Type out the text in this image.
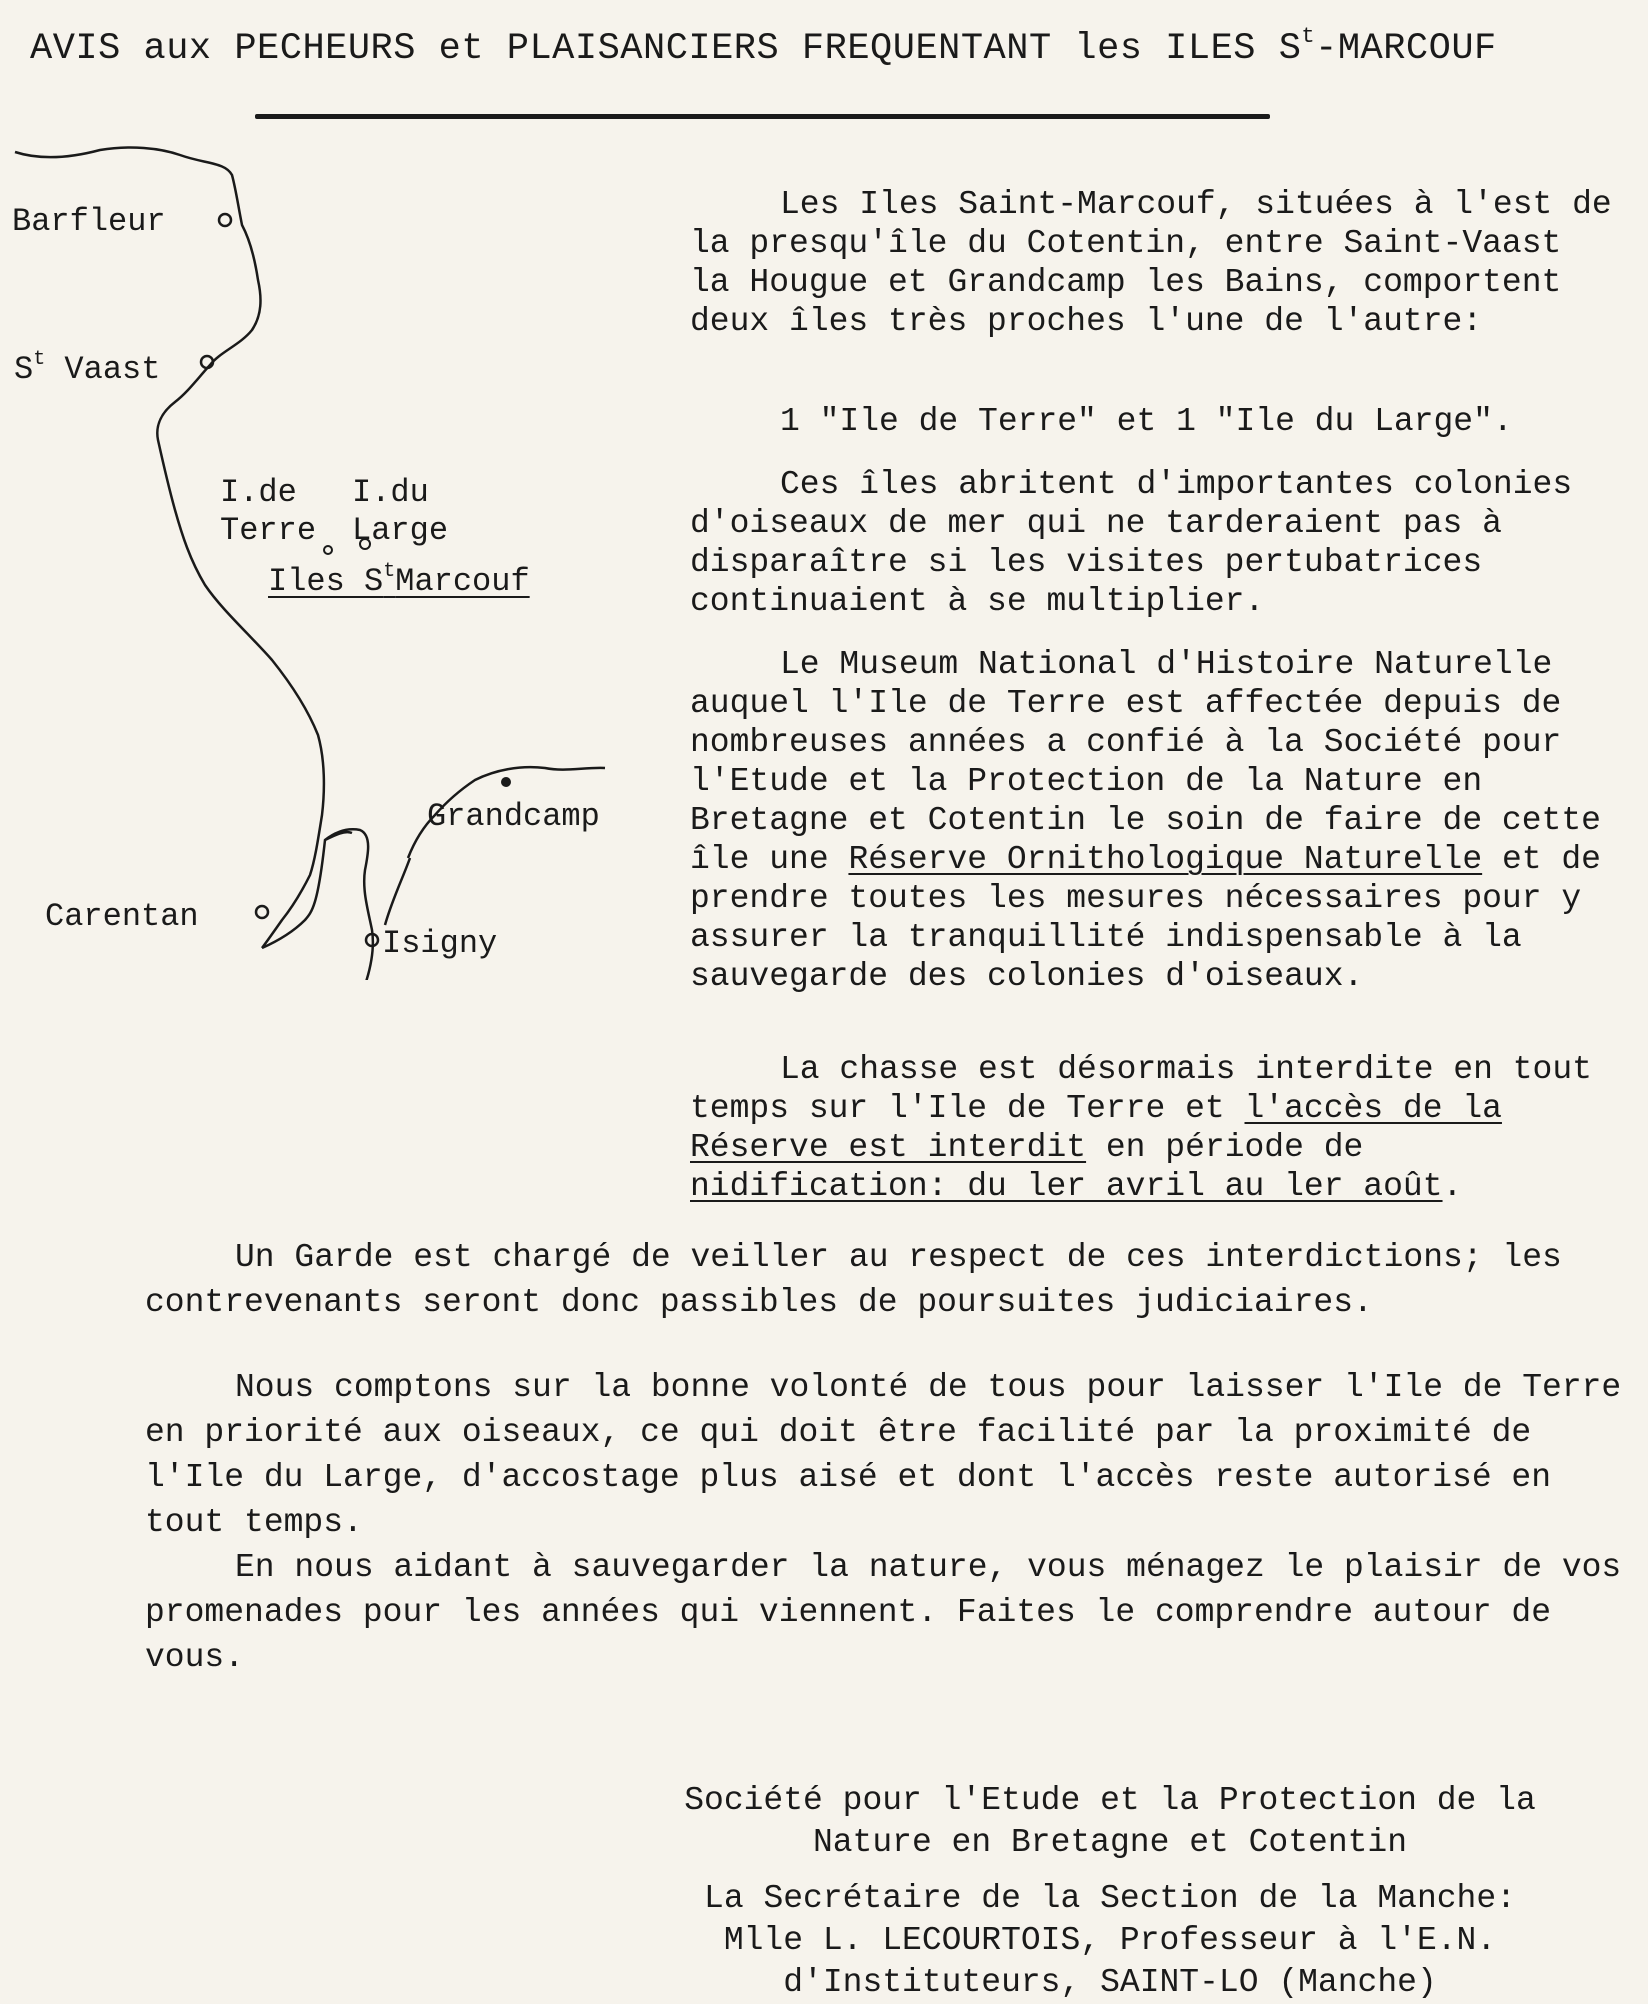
AVIS aux PECHEURS et PLAISANCIERS FREQUENTANT les ILES $S^t$-MARCOUF
Barfleur
$S^t$ Vaast
I.de
Terre
I.du
Large
Iles $S^tMarcouf$
Grandcamp
Carentan
Isigny

Les Iles Saint-Marcouf, situées à l'est de la presqu'île du Cotentin, entre Saint-Vaast la Hougue et Grandcamp les Bains, comportent deux îles très proches l'une de l'autre:

1 "Ile de Terre" et 1 "Ile du Large".

Ces îles abritent d'importantes colonies d'oiseaux de mer qui ne tarderaient pas à disparaître si les visites pertubatrices continuaient à se multiplier.

Le Museum National d'Histoire Naturelle auquel l'Ile de Terre est affectée depuis de nombreuses années a confié à la Société pour l'Etude et la Protection de la Nature en Bretagne et Cotentin le soin de faire de cette île une Réserve Ornithologique Naturelle et de prendre toutes les mesures nécessaires pour y assurer la tranquillité indispensable à la sauvegarde des colonies d'oiseaux.

La chasse est désormais interdite en tout temps sur l'Ile de Terre et l'accès de la Réserve est interdit en période de nidification: du ler avril au ler août.

Un Garde est chargé de veiller au respect de ces interdictions; les contrevenants seront donc passibles de poursuites judiciaires.

Nous comptons sur la bonne volonté de tous pour laisser l'Ile de Terre en priorité aux oiseaux, ce qui doit être facilité par la proximité de l'Ile du Large, d'accostage plus aisé et dont l'accès reste autorisé en tout temps.

En nous aidant à sauvegarder la nature, vous ménagez le plaisir de vos promenades pour les années qui viennent. Faites le comprendre autour de vous.

Société pour l'Etude et la Protection de la

Nature en Bretagne et Cotentin

La Secrétaire de la Section de la Manche:

Mlle L. LECOURTOIS, Professeur à l'E.N.

d'Instituteurs, SAINT-LO (Manche)
